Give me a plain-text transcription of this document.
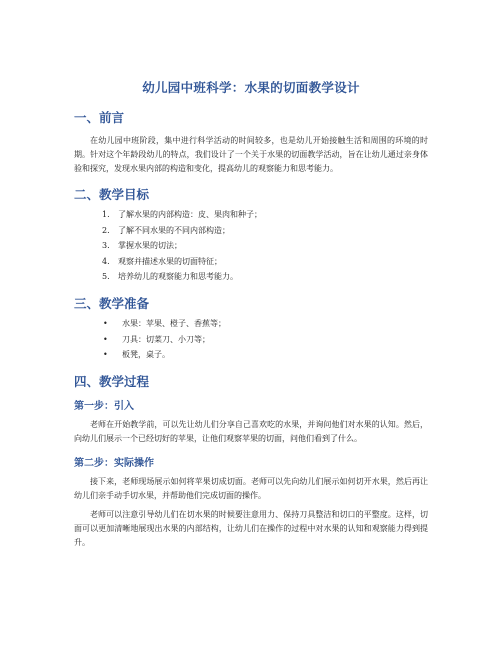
幼儿园中班科学：水果的切面教学设计
一、前言

在幼儿园中班阶段，集中进行科学活动的时间较多，也是幼儿开始接触生活和周围的环境的时期。针对这个年龄段幼儿的特点，我们设计了一个关于水果的切面教学活动，旨在让幼儿通过亲身体验和探究，发现水果内部的构造和变化，提高幼儿的观察能力和思考能力。

二、教学目标
1. 了解水果的内部构造：皮、果肉和种子；
2. 了解不同水果的不同内部构造；
3. 掌握水果的切法；
4. 观察并描述水果的切面特征；
5. 培养幼儿的观察能力和思考能力。
三、教学准备
• 水果：苹果、橙子、香蕉等；
• 刀具：切菜刀、小刀等；
• 板凳，桌子。
四、教学过程
第一步：引入

老师在开始教学前，可以先让幼儿们分享自己喜欢吃的水果，并询问他们对水果的认知。然后，向幼儿们展示一个已经切好的苹果，让他们观察苹果的切面，问他们看到了什么。

第二步：实际操作

接下来，老师现场展示如何将苹果切成切面。老师可以先向幼儿们展示如何切开水果，然后再让幼儿们亲手动手切水果，并帮助他们完成切面的操作。

老师可以注意引导幼儿们在切水果的时候要注意用力、保持刀具整洁和切口的平整度。这样，切面可以更加清晰地展现出水果的内部结构，让幼儿们在操作的过程中对水果的认知和观察能力得到提升。
